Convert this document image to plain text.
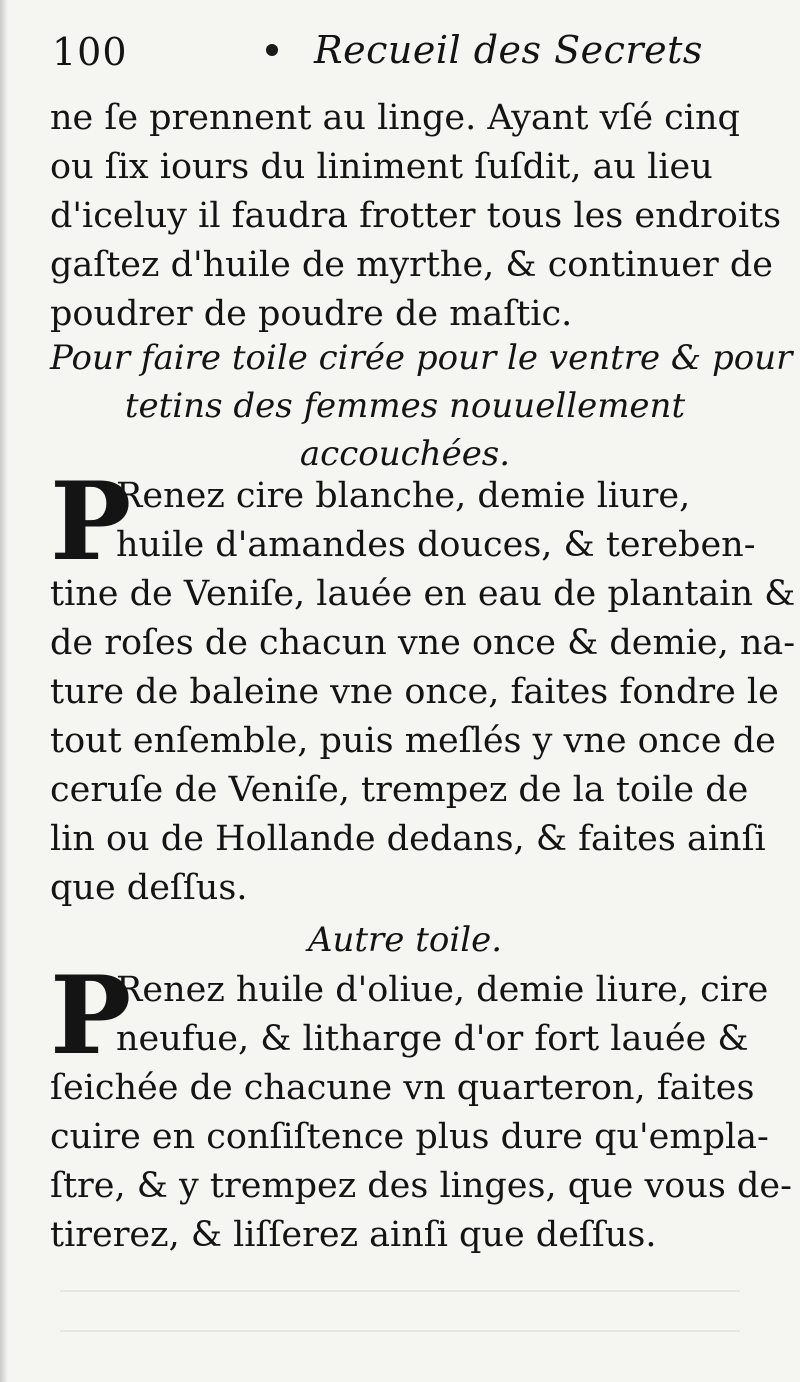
100	Recueil des Secrets
ne ſe prennent au linge. Ayant vſé cinq
ou ſix iours du liniment ſuſdit, au lieu
d'iceluy il faudra frotter tous les endroits
gaſtez d'huile de myrthe, & continuer de
poudrer de poudre de maſtic.
Pour faire toile cirée pour le ventre & pour
tetins des femmes nouuellement
accouchées.
P
Renez cire blanche, demie liure,
huile d'amandes douces, & tereben-
tine de Veniſe, lauée en eau de plantain &
de roſes de chacun vne once & demie, na-
ture de baleine vne once, faites fondre le
tout enſemble, puis meſlés y vne once de
ceruſe de Veniſe, trempez de la toile de
lin ou de Hollande dedans, & faites ainſi
que deſſus.
Autre toile.
P
Renez huile d'oliue, demie liure, cire
neufue, & litharge d'or fort lauée &
ſeichée de chacune vn quarteron, faites
cuire en conſiſtence plus dure qu'empla-
ſtre, & y trempez des linges, que vous de-
tirerez, & liſſerez ainſi que deſſus.
